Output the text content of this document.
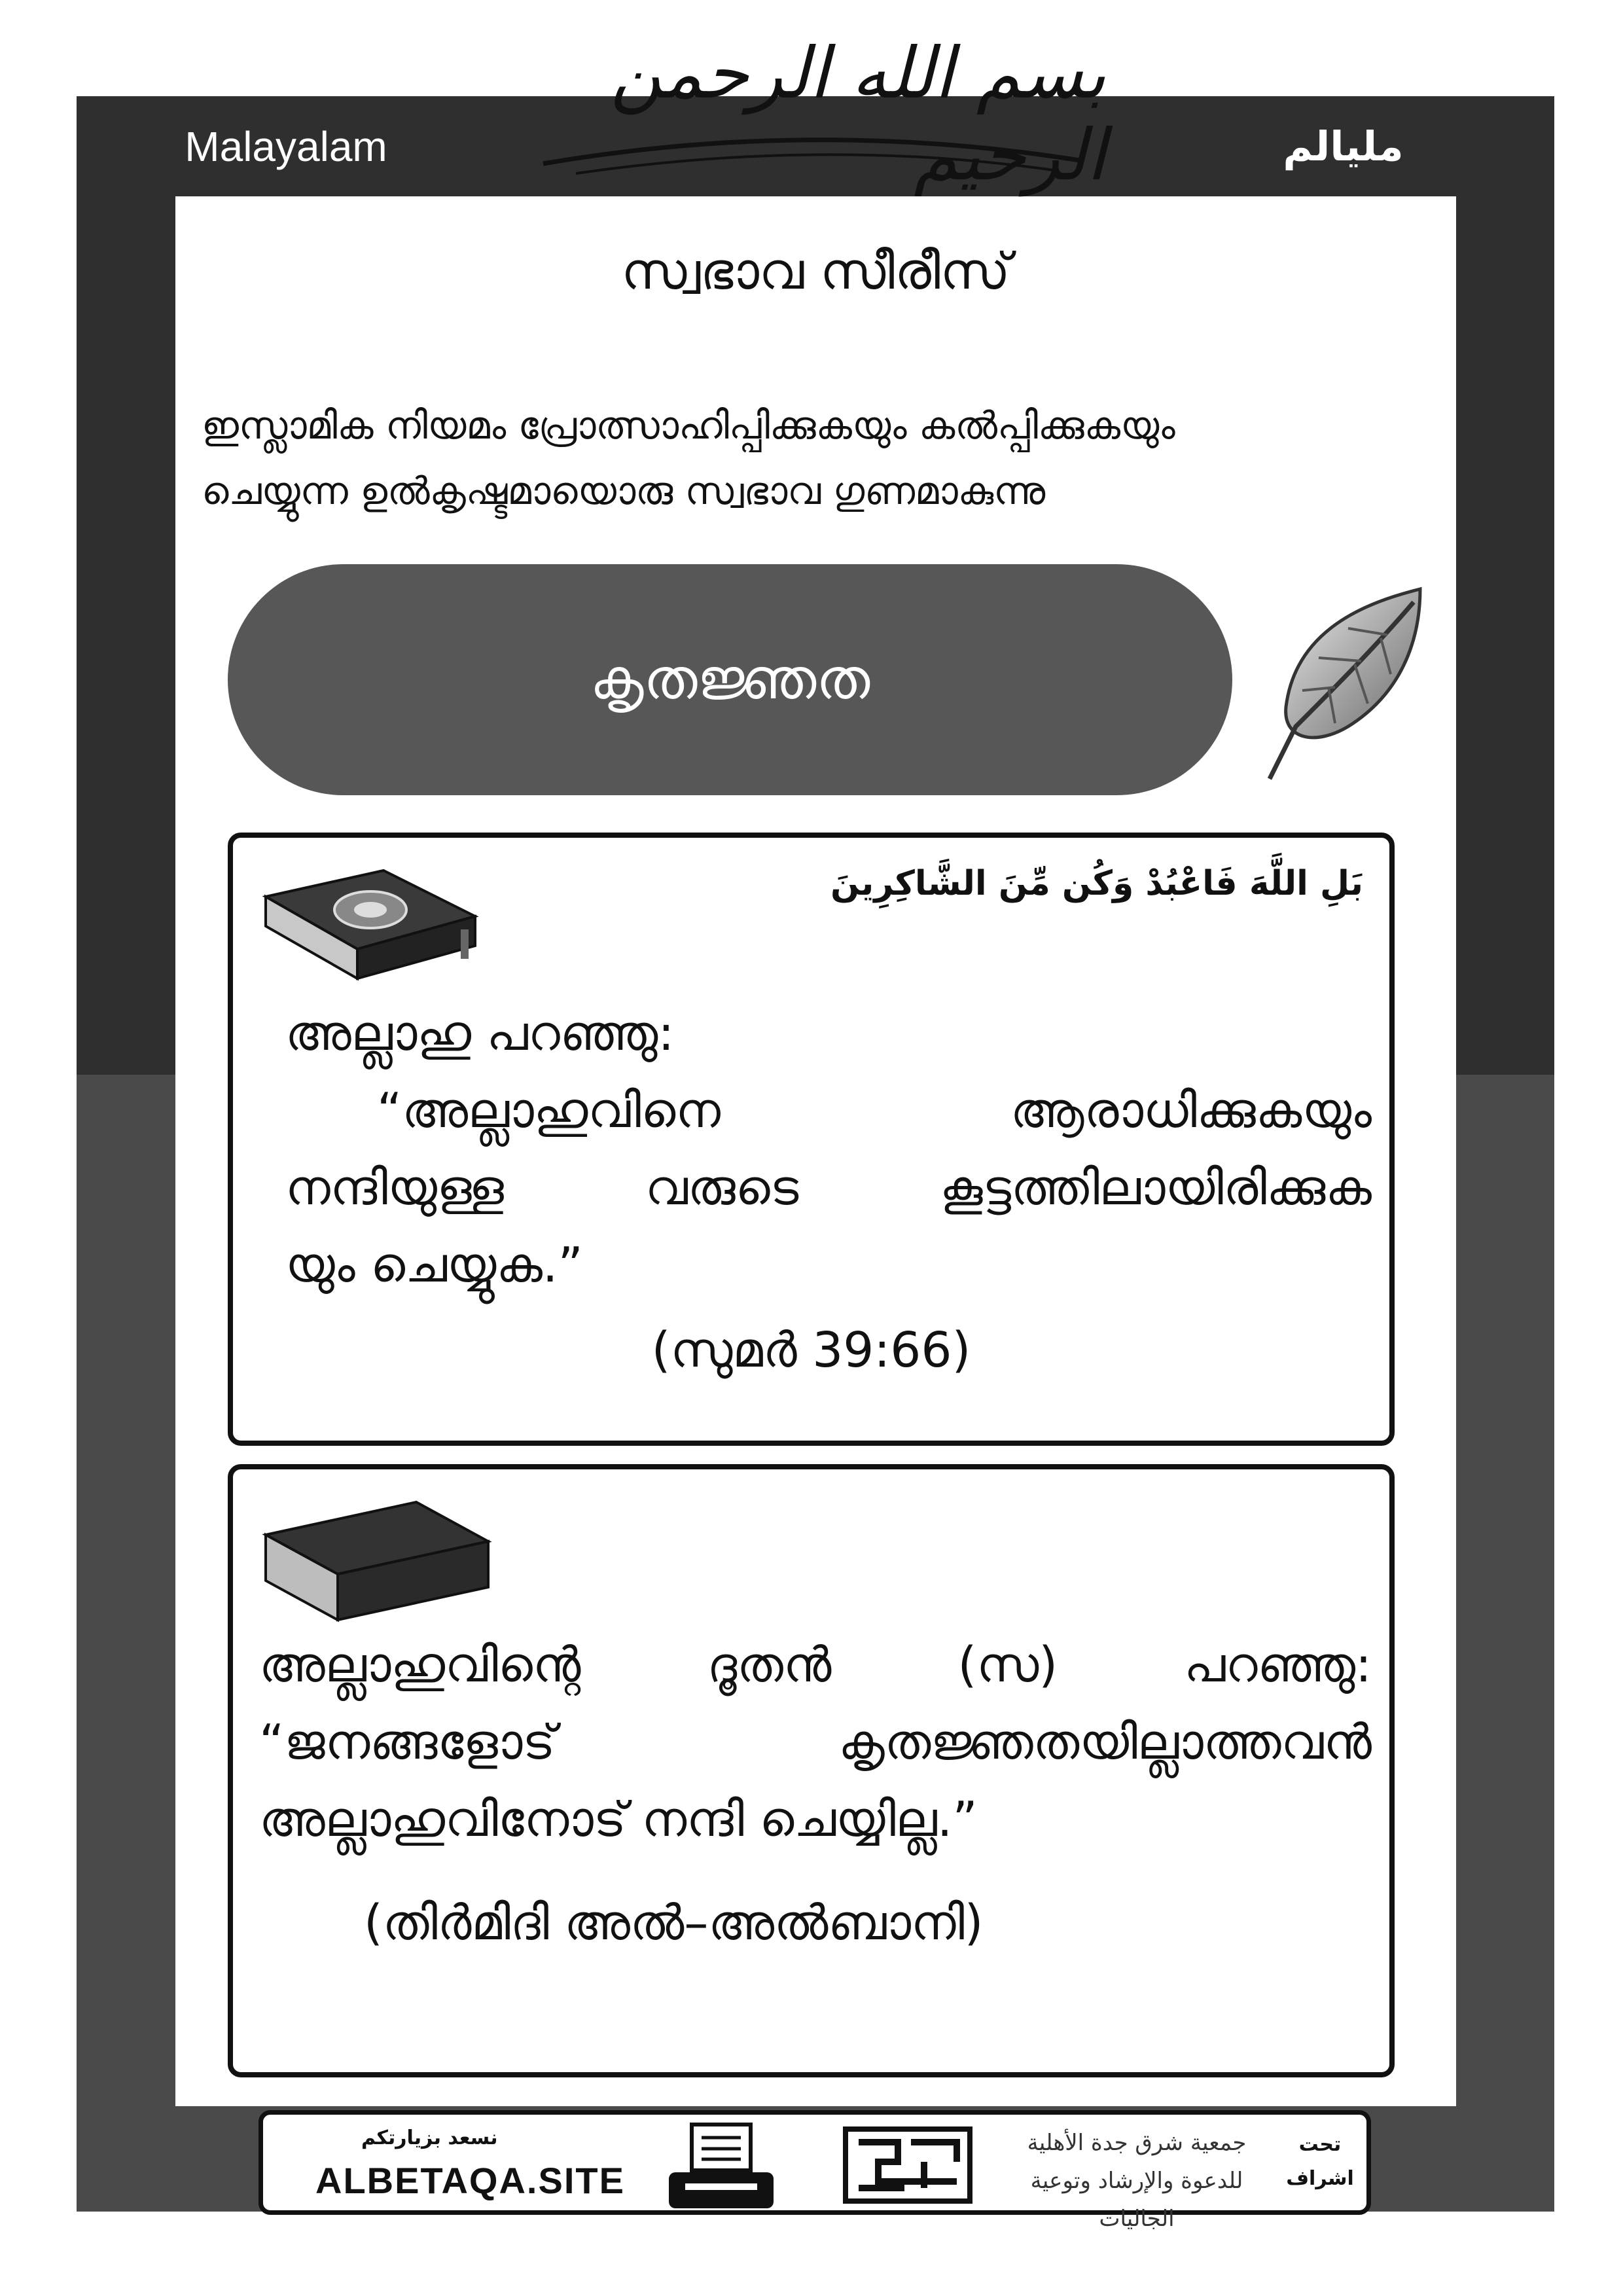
Malayalam	مليالم
بسم الله الرحمن الرحيم
സ്വഭാവ സീരീസ്
ഇസ്ലാമിക നിയമം പ്രോത്സാഹിപ്പിക്കുകയും കൽപ്പിക്കുകയും
ചെയ്യുന്ന ഉൽകൃഷ്ടമായൊരു സ്വഭാവ ഗുണമാകുന്നു
കൃതജ്ഞത
بَلِ اللَّهَ فَاعْبُدْ وَكُن مِّنَ الشَّاكِرِينَ
അല്ലാഹു പറഞ്ഞു:
“അല്ലാഹുവിനെ	ആരാധിക്കുകയും
നന്ദിയുള്ള	വരുടെ	കൂട്ടത്തിലായിരിക്കുക
യും ചെയ്യുക.”
(സുമർ 39:66)
അല്ലാഹുവിന്റെ	ദൂതൻ	(സ)	പറഞ്ഞു:
“ജനങ്ങളോട്	കൃതജ്ഞതയില്ലാത്തവൻ
അല്ലാഹുവിനോട് നന്ദി ചെയ്യില്ല.”
(തിർമിദി അൽ–അൽബാനി)
نسعد بزيارتكم
ALBETAQA.SITE
جمعية شرق جدة الأهلية
للدعوة والإرشاد وتوعية الجاليات
تحت
اشراف
